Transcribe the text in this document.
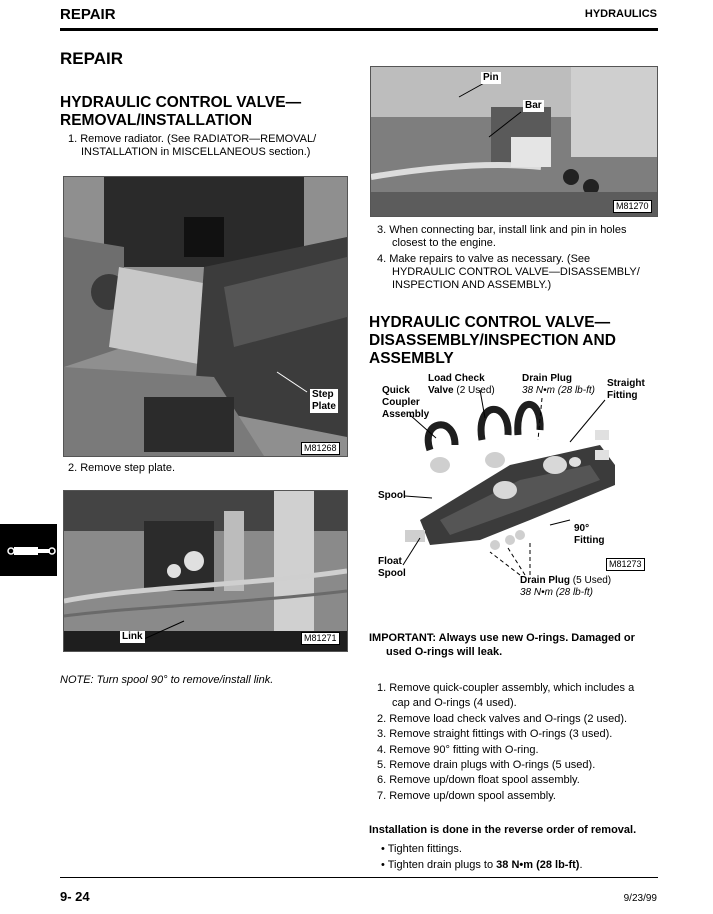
REPAIR	HYDRAULICS
REPAIR
HYDRAULIC CONTROL VALVE—
REMOVAL/INSTALLATION
1. Remove radiator. (See RADIATOR—REMOVAL/
INSTALLATION in MISCELLANEOUS section.)
Step
Plate
M81268
2. Remove step plate.
Link	M81271
NOTE: Turn spool 90° to remove/install link.
Pin
Bar
M81270
3. When connecting bar, install link and pin in holes
closest to the engine.
4. Make repairs to valve as necessary. (See
HYDRAULIC CONTROL VALVE—DISASSEMBLY/
INSPECTION AND ASSEMBLY.)
HYDRAULIC CONTROL VALVE—
DISASSEMBLY/INSPECTION AND
ASSEMBLY
Load Check
Valve (2 Used)
Drain Plug
38 N•m (28 lb-ft)
Straight
Fitting
Quick
Coupler
Assembly
Spool
90°
Fitting
Float
Spool
Drain Plug (5 Used)
38 N•m (28 lb-ft)
M81273
IMPORTANT: Always use new O-rings. Damaged or
used O-rings will leak.
1. Remove quick-coupler assembly, which includes a
cap and O-rings (4 used).
2. Remove load check valves and O-rings (2 used).
3. Remove straight fittings with O-rings (3 used).
4. Remove 90° fitting with O-ring.
5. Remove drain plugs with O-rings (5 used).
6. Remove up/down float spool assembly.
7. Remove up/down spool assembly.
Installation is done in the reverse order of removal.
• Tighten fittings.
• Tighten drain plugs to 38 N•m (28 lb-ft).
9- 24	9/23/99
